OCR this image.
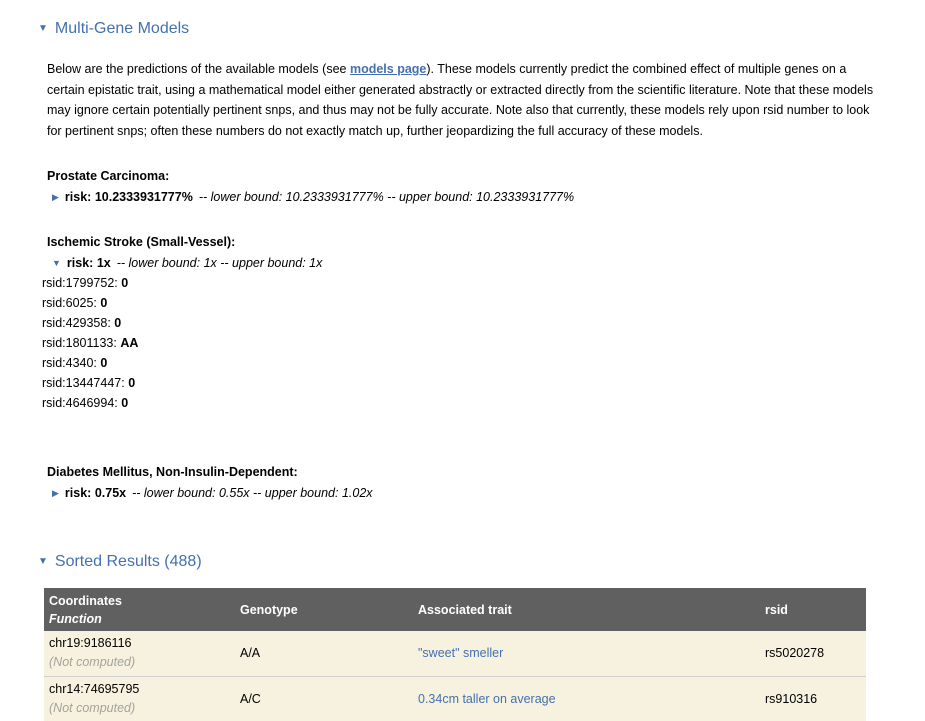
▼ Multi-Gene Models

Below are the predictions of the available models (see models page). These models currently predict the combined effect of multiple genes on a certain epistatic trait, using a mathematical model either generated abstractly or extracted directly from the scientific literature. Note that these models may ignore certain potentially pertinent snps, and thus may not be fully accurate. Note also that currently, these models rely upon rsid number to look for pertinent snps; often these numbers do not exactly match up, further jeopardizing the full accuracy of these models.

Prostate Carcinoma:
▶ risk: 10.2333931777% -- lower bound: 10.2333931777% -- upper bound: 10.2333931777%
Ischemic Stroke (Small-Vessel):
▼ risk: 1x -- lower bound: 1x -- upper bound: 1x
rsid:1799752: 0
rsid:6025: 0
rsid:429358: 0
rsid:1801133: AA
rsid:4340: 0
rsid:13447447: 0
rsid:4646994: 0
Diabetes Mellitus, Non-Insulin-Dependent:
▶ risk: 0.75x -- lower bound: 0.55x -- upper bound: 1.02x
▼ Sorted Results (488)
Coordinates
Function	Genotype	Associated trait	rsid

chr19:9186116
(Not computed)	A/A	"sweet" smeller	rs5020278

chr14:74695795
(Not computed)	A/C	0.34cm taller on average	rs910316
